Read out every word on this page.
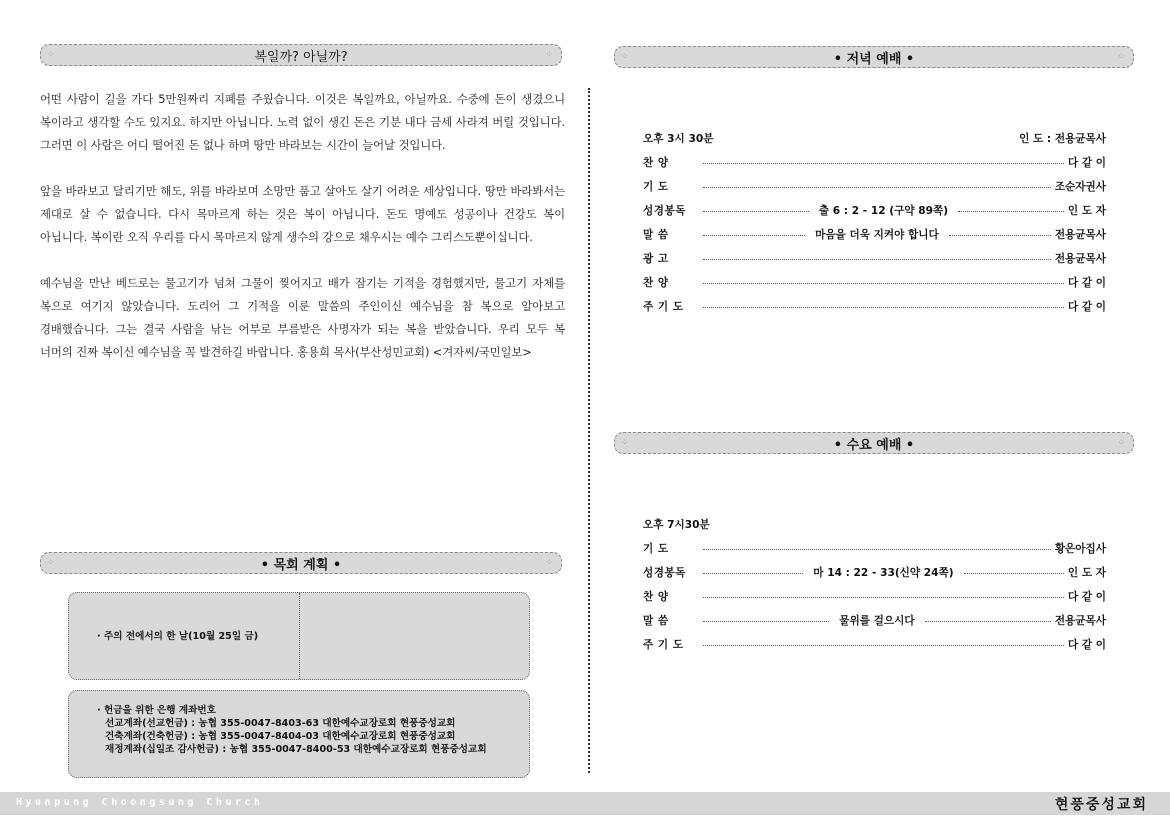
⁘	복일까? 아닐까?	⁘

어떤 사람이 길을 가다 5만원짜리 지폐를 주웠습니다. 이것은 복일까요, 아닐까요. 수중에 돈이 생겼으니 복이라고 생각할 수도 있지요. 하지만 아닙니다. 노력 없이 생긴 돈은 기분 내다 금세 사라져 버릴 것입니다. 그러면 이 사람은 어디 떨어진 돈 없나 하며 땅만 바라보는 시간이 늘어날 것입니다.

앞을 바라보고 달리기만 해도, 위를 바라보며 소망만 품고 살아도 살기 어려운 세상입니다. 땅만 바라봐서는 제대로 살 수 없습니다. 다시 목마르게 하는 것은 복이 아닙니다. 돈도 명예도 성공이나 건강도 복이 아닙니다. 복이란 오직 우리를 다시 목마르지 않게 생수의 강으로 채우시는 예수 그리스도뿐이십니다.

예수님을 만난 베드로는 물고기가 넘쳐 그물이 찢어지고 배가 잠기는 기적을 경험했지만, 물고기 자체를 복으로 여기지 않았습니다. 도리어 그 기적을 이룬 말씀의 주인이신 예수님을 참 복으로 알아보고 경배했습니다. 그는 결국 사람을 낚는 어부로 부름받은 사명자가 되는 복을 받았습니다. 우리 모두 복 너머의 진짜 복이신 예수님을 꼭 발견하길 바랍니다. 홍용희 목사(부산성민교회) <겨자씨/국민일보>

⁘	• 목회 계획 •	⁘
· 주의 전에서의 한 날(10월 25일 금)
· 헌금을 위한 은행 계좌번호
선교계좌(선교헌금) : 농협 355-0047-8403-63 대한예수교장로회 현풍중성교회
건축계좌(건축헌금) : 농협 355-0047-8404-03 대한예수교장로회 현풍중성교회
재정계좌(십일조 감사헌금) : 농협 355-0047-8400-53 대한예수교장로회 현풍중성교회
⁘	• 저녁 예배 •	⁘
오후 3시 30분	인 도 : 전용균목사
찬 양	다 같 이
기 도	조순자권사
성경봉독	출 6 : 2 - 12 (구약 89쪽)	인 도 자
말 씀	마음을 더욱 지켜야 합니다	전용균목사
광 고	전용균목사
찬 양	다 같 이
주 기 도	다 같 이
⁘	• 수요 예배 •	⁘
오후 7시30분
기 도	황은아집사
성경봉독	마 14 : 22 - 33(신약 24쪽)	인 도 자
찬 양	다 같 이
말 씀	물위를 걸으시다	전용균목사
주 기 도	다 같 이
Hyunpung Choongsung Church	현풍중성교회
